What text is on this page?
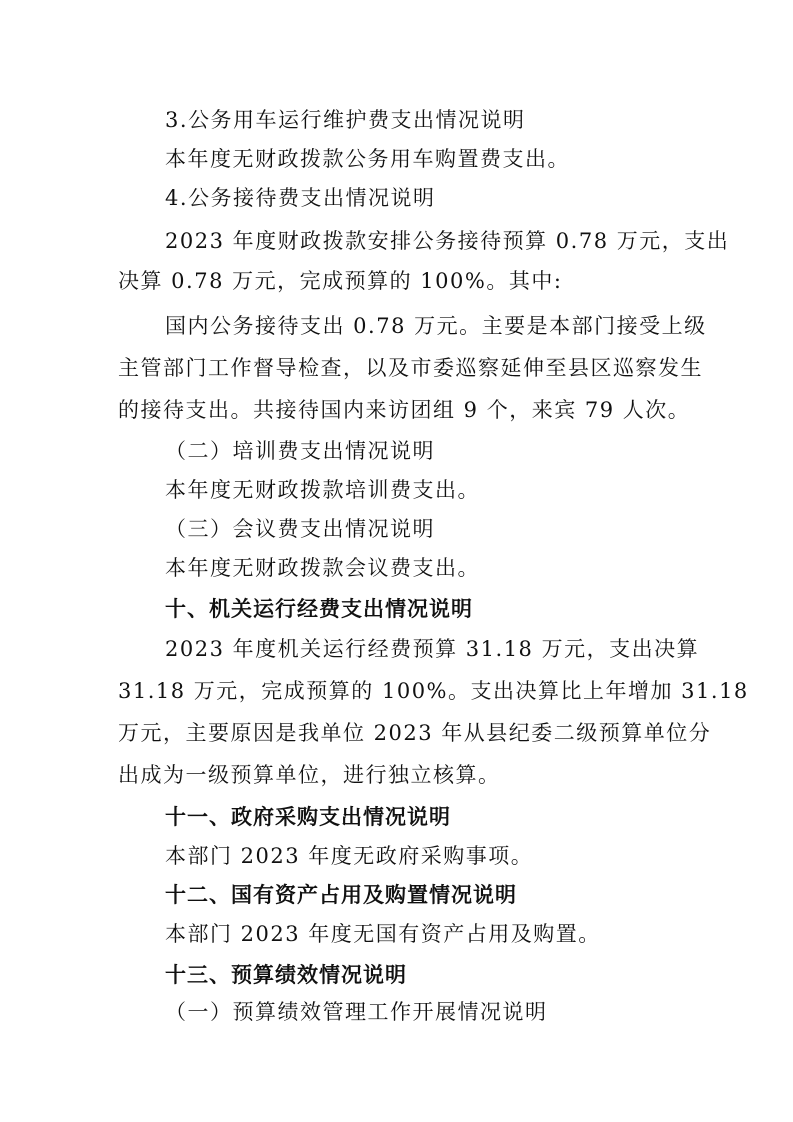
3.公务用车运行维护费支出情况说明
本年度无财政拨款公务用车购置费支出。
4.公务接待费支出情况说明
2023 年度财政拨款安排公务接待预算 0.78 万元，支出
决算 0.78 万元，完成预算的 100%。其中:
国内公务接待支出 0.78 万元。主要是本部门接受上级
主管部门工作督导检查，以及市委巡察延伸至县区巡察发生
的接待支出。共接待国内来访团组 9 个，来宾 79 人次。
（二）培训费支出情况说明
本年度无财政拨款培训费支出。
（三）会议费支出情况说明
本年度无财政拨款会议费支出。
十、机关运行经费支出情况说明
2023 年度机关运行经费预算 31.18 万元，支出决算
31.18 万元，完成预算的 100%。支出决算比上年增加 31.18
万元，主要原因是我单位 2023 年从县纪委二级预算单位分
出成为一级预算单位，进行独立核算。
十一、政府采购支出情况说明
本部门 2023 年度无政府采购事项。
十二、国有资产占用及购置情况说明
本部门 2023 年度无国有资产占用及购置。
十三、预算绩效情况说明
（一）预算绩效管理工作开展情况说明
